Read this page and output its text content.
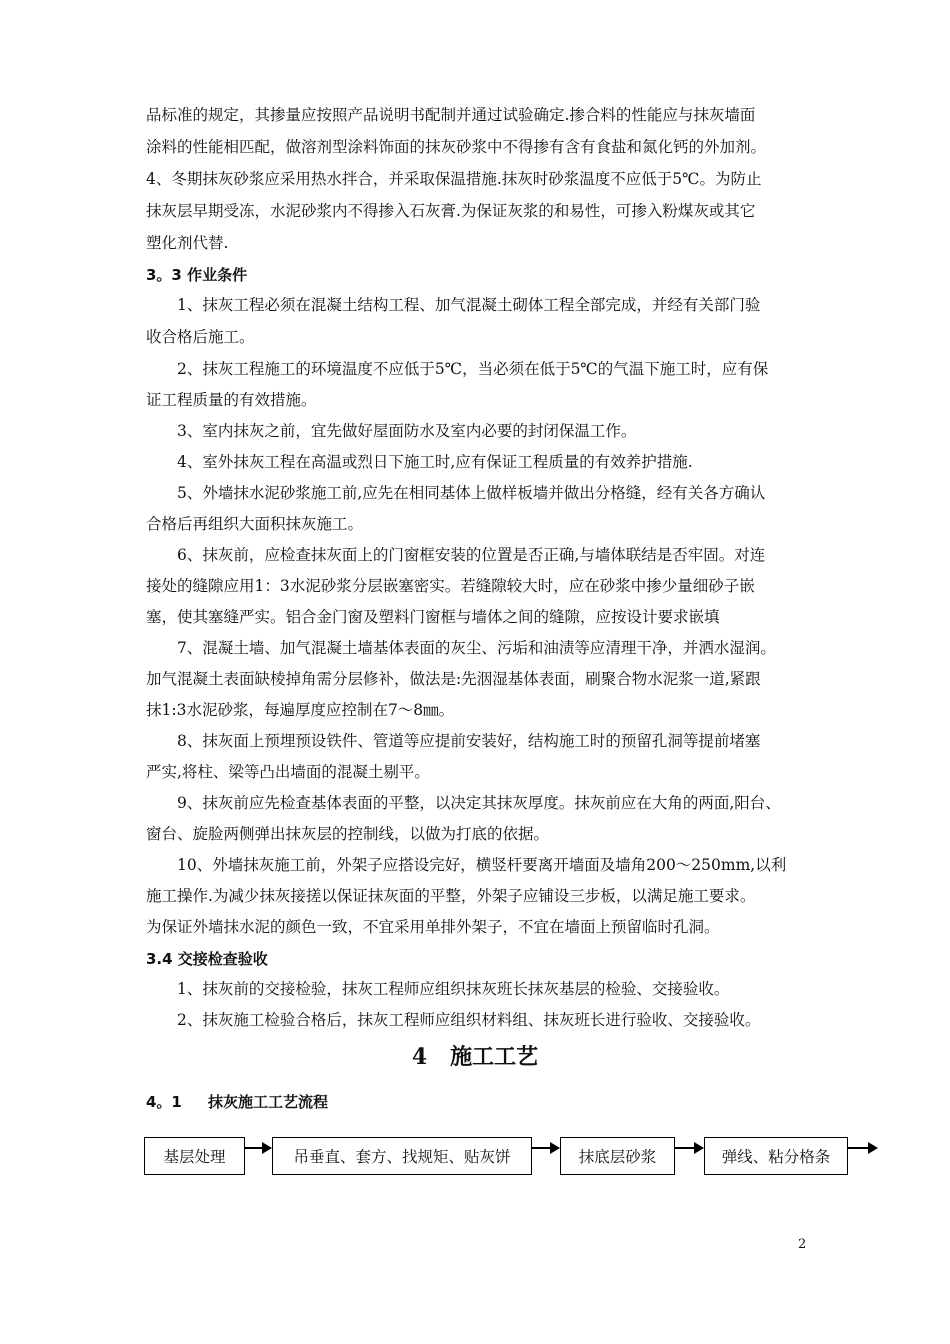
品标准的规定，其掺量应按照产品说明书配制并通过试验确定.掺合料的性能应与抹灰墙面
涂料的性能相匹配，做溶剂型涂料饰面的抹灰砂浆中不得掺有含有食盐和氮化钙的外加剂。
4、冬期抹灰砂浆应采用热水拌合，并采取保温措施.抹灰时砂浆温度不应低于5℃。为防止
抹灰层早期受冻，水泥砂浆内不得掺入石灰膏.为保证灰浆的和易性，可掺入粉煤灰或其它
塑化剂代替.
3。3 作业条件
1、抹灰工程必须在混凝土结构工程、加气混凝土砌体工程全部完成，并经有关部门验
收合格后施工。
2、抹灰工程施工的环境温度不应低于5℃，当必须在低于5℃的气温下施工时，应有保
证工程质量的有效措施。
3、室内抹灰之前，宜先做好屋面防水及室内必要的封闭保温工作。
4、室外抹灰工程在高温或烈日下施工时,应有保证工程质量的有效养护措施.
5、外墙抹水泥砂浆施工前,应先在相同基体上做样板墙并做出分格缝，经有关各方确认
合格后再组织大面积抹灰施工。
6、抹灰前，应检查抹灰面上的门窗框安装的位置是否正确,与墙体联结是否牢固。对连
接处的缝隙应用1：3水泥砂浆分层嵌塞密实。若缝隙较大时，应在砂浆中掺少量细砂子嵌
塞，使其塞缝严实。铝合金门窗及塑料门窗框与墙体之间的缝隙，应按设计要求嵌填
7、混凝土墙、加气混凝土墙基体表面的灰尘、污垢和油渍等应清理干净，并洒水湿润。
加气混凝土表面缺棱掉角需分层修补，做法是:先洇湿基体表面，刷聚合物水泥浆一道,紧跟
抹1:3水泥砂浆，每遍厚度应控制在7～8㎜。
8、抹灰面上预埋预设铁件、管道等应提前安装好，结构施工时的预留孔洞等提前堵塞
严实,将柱、梁等凸出墙面的混凝土剔平。
9、抹灰前应先检查基体表面的平整，以决定其抹灰厚度。抹灰前应在大角的两面,阳台、
窗台、旋脸两侧弹出抹灰层的控制线，以做为打底的依据。
10、外墙抹灰施工前，外架子应搭设完好，横竖杆要离开墙面及墙角200～250mm,以利
施工操作.为减少抹灰接搓以保证抹灰面的平整，外架子应铺设三步板，以满足施工要求。
为保证外墙抹水泥的颜色一致，不宜采用单排外架子，不宜在墙面上预留临时孔洞。
3.4 交接检查验收
1、抹灰前的交接检验，抹灰工程师应组织抹灰班长抹灰基层的检验、交接验收。
2、抹灰施工检验合格后，抹灰工程师应组织材料组、抹灰班长进行验收、交接验收。
4   施工工艺
4。1     抹灰施工工艺流程
基层处理	吊垂直、套方、找规矩、贴灰饼	抹底层砂浆	弹线、粘分格条
2
